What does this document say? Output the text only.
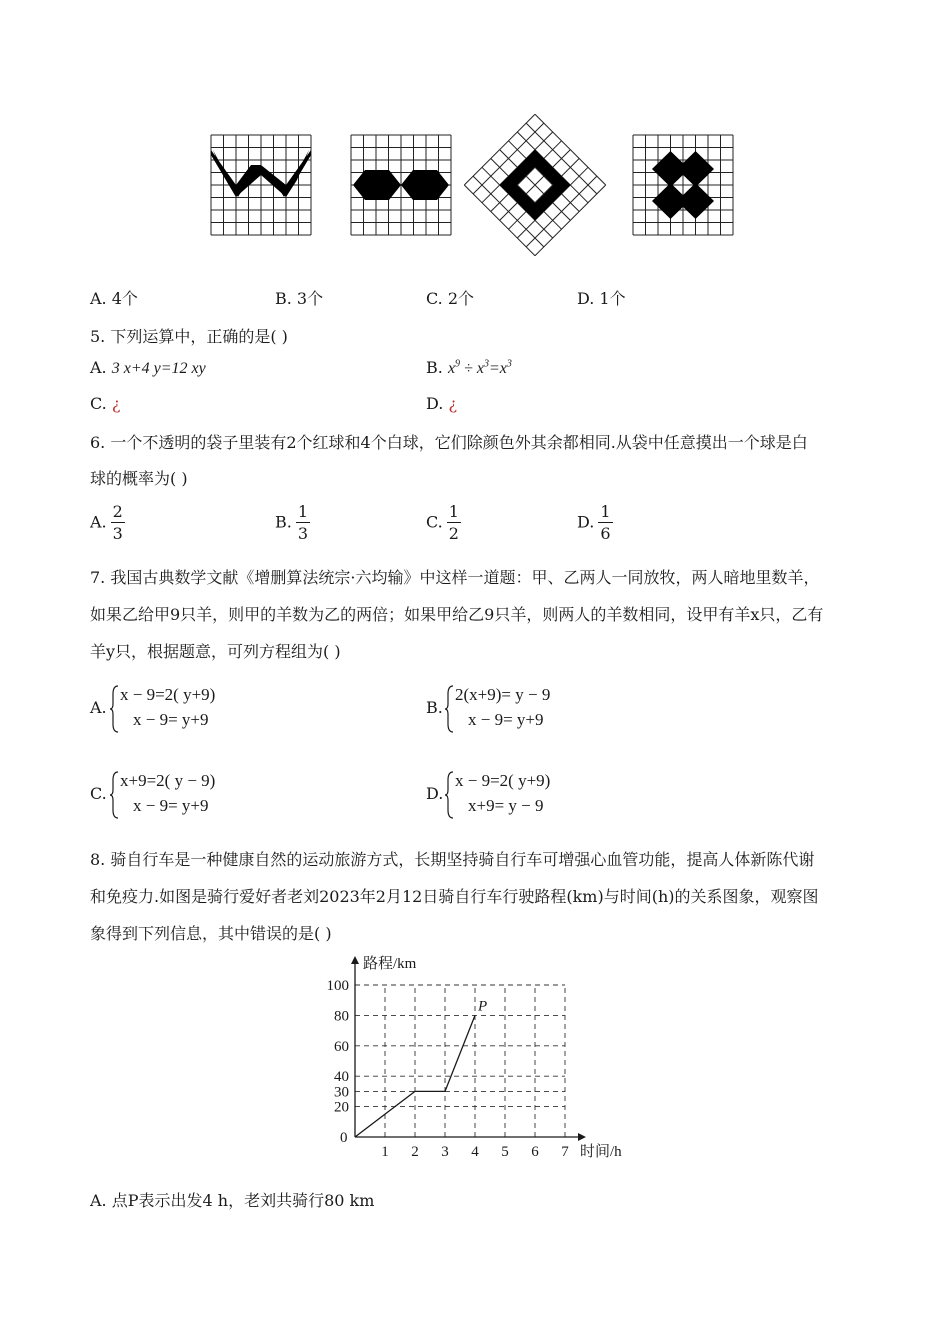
A. 4个	B. 3个	C. 2个	D. 1个
5. 下列运算中，正确的是( )
A. 3 x+4 y=12 xy	B. $x^9 \div x^3=x^3$
C. ¿	D. ¿
6. 一个不透明的袋子里装有2个红球和4个白球，它们除颜色外其余都相同.从袋中任意摸出一个球是白
球的概率为( )
A. $\frac{2}{3}$	B. $\frac{1}{3}$	C. $\frac{1}{2}$	D. $\frac{1}{6}$
7. 我国古典数学文献《增删算法统宗·六均输》中这样一道题：甲、乙两人一同放牧，两人暗地里数羊，
如果乙给甲9只羊，则甲的羊数为乙的两倍；如果甲给乙9只羊，则两人的羊数相同，设甲有羊x只，乙有
羊y只，根据题意，可列方程组为( )
A.
x − 9=2( y+9)
x − 9= y+9
B.
2(x+9)= y − 9
x − 9= y+9
C.
x+9=2( y − 9)
x − 9= y+9
D.
x − 9=2( y+9)
x+9= y − 9
8. 骑自行车是一种健康自然的运动旅游方式，长期坚持骑自行车可增强心血管功能，提高人体新陈代谢
和免疫力.如图是骑行爱好者老刘2023年2月12日骑自行车行驶路程(km)与时间(h)的关系图象，观察图
象得到下列信息，其中错误的是( )
路程/km
时间/h
0
1 2 3 4 5 6 7
20
30
40
60
80
100
P
A. 点P表示出发4 h，老刘共骑行80 km
